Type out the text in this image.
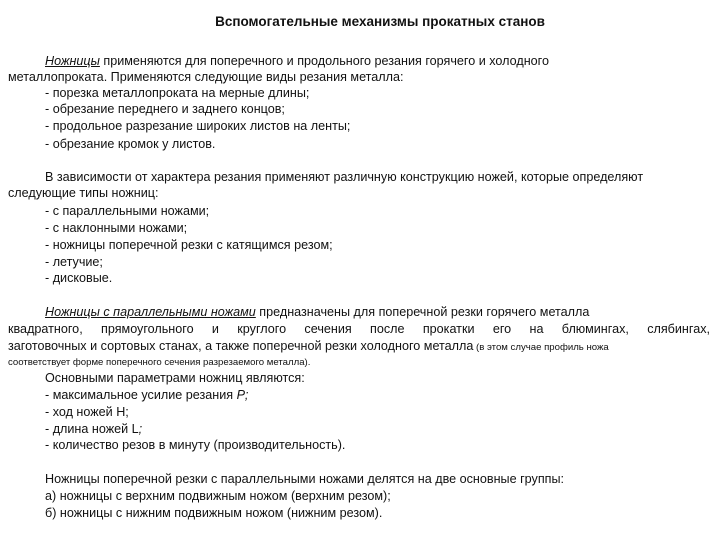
Вспомогательные механизмы прокатных станов
Ножницы применяются для поперечного и продольного резания горячего и холодного
металлопроката. Применяются следующие виды резания металла:
- порезка металлопроката на мерные длины;
- обрезание переднего и заднего концов;
- продольное разрезание широких листов на ленты;
- обрезание кромок у листов.
В зависимости от характера резания применяют различную конструкцию ножей, которые определяют
следующие типы ножниц:
- с параллельными ножами;
- с наклонными ножами;
- ножницы поперечной резки с катящимся резом;
- летучие;
- дисковые.
Ножницы с параллельными ножами предназначены для поперечной резки горячего металла
квадратного, прямоугольного и круглого сечения после прокатки его на блюмингах, слябингах,
заготовочных и сортовых станах, а также поперечной резки холодного металла (в этом случае профиль ножа
соответствует форме поперечного сечения разрезаемого металла).
Основными параметрами ножниц являются:
- максимальное усилие резания Р;
- ход ножей Н;
- длина ножей L;
- количество резов в минуту (производительность).
Ножницы поперечной резки с параллельными ножами делятся на две основные группы:
а) ножницы с верхним подвижным ножом (верхним резом);
б) ножницы с нижним подвижным ножом (нижним резом).
